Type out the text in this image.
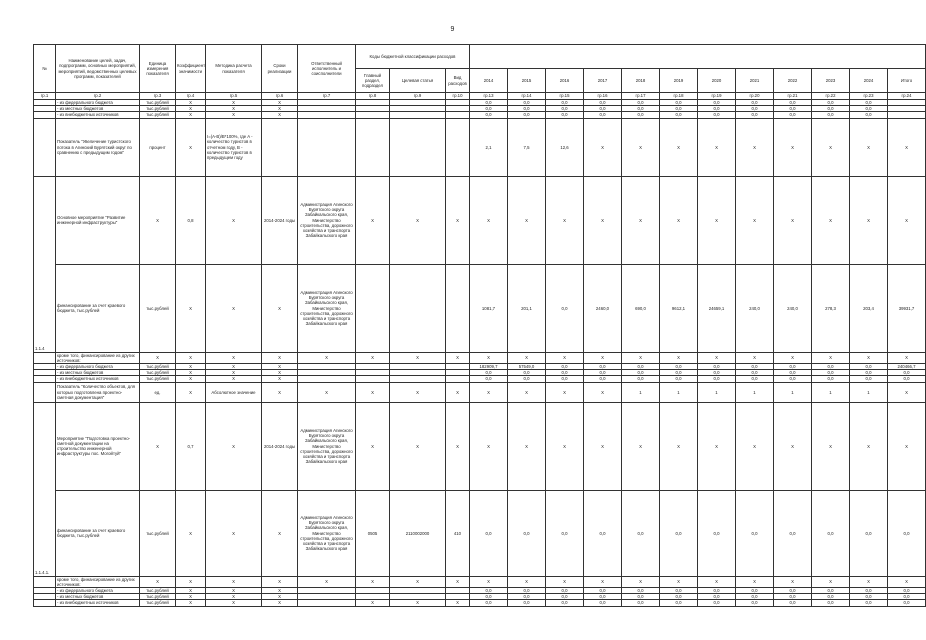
9
№	Наименование целей, задач, подпрограмм, основных мероприятий, мероприятий, ведомственных целевых программ, показателей	Единица измерения показателя	Коэффициент значимости	Методика расчета показателя	Сроки реализации	Ответственный исполнитель и соисполнители	Коды бюджетной классификации расходов														
							Главный раздел, подраздел	Целевая статья	Вид расходов	2014	2015	2016	2017	2018	2019	2020	2021	2022	2023	2024	Итого
гр.1	гр.2	гр.3	гр.4	гр.5	гр.6	гр.7	гр.8	гр.9	гр.10	гр.13	гр.14	гр.15	гр.16	гр.17	гр.18	гр.19	гр.20	гр.21	гр.22	гр.23	гр.24
	- из федерального бюджета	тыс.рублей	X	X	X					0,0	0,0	0,0	0,0	0,0	0,0	0,0	0,0	0,0	0,0	0,0	
	- из местных бюджетов	тыс.рублей	X	X	X					0,0	0,0	0,0	0,0	0,0	0,0	0,0	0,0	0,0	0,0	0,0	
	- из внебюджетных источников	тыс.рублей	X	X	X					0,0	0,0	0,0	0,0	0,0	0,0	0,0	0,0	0,0	0,0	0,0	
	Показатель "Увеличение туристского потока в Агинский Бурятский округ по сравнению с предыдущим годом"	процент	X	I=(A-B)/B*100%, где A - количество туристов в отчетном году, B - количество туристов в предыдущем году						2,1	7,5	12,6	X	X	X	X	X	X	X	X	X
1.1.4	Основное мероприятие "Развитие инженерной инфраструктуры"	X	0,8	X	2014-2024 годы	Администрация Агинского Бурятского округа Забайкальского края, Министерство строительства, дорожного хозяйства и транспорта Забайкальского края	X	X	X	X	X	X	X	X	X	X	X	X	X	X	X
	финансирование за счет краевого бюджета, тыс.рублей	тыс.рублей	X	X	X	Администрация Агинского Бурятского округа Забайкальского края, Министерство строительства, дорожного хозяйства и транспорта Забайкальского края				1081,7	201,1	0,0	2460,0	690,0	9612,1	24659,1	240,0	240,0	278,3	203,4	39931,7
	кроме того, финансирование из других источников:	X	X	X	X	X	X	X	X	X	X	X	X	X	X	X	X	X	X	X	X
	- из федерального бюджета	тыс.рублей	X	X	X					182909,7	57549,0	0,0	0,0	0,0	0,0	0,0	0,0	0,0	0,0	0,0	240466,7
	- из местных бюджетов	тыс.рублей	X	X	X					0,0	0,0	0,0	0,0	0,0	0,0	0,0	0,0	0,0	0,0	0,0	0,0
	- из внебюджетных источников	тыс.рублей	X	X	X					0,0	0,0	0,0	0,0	0,0	0,0	0,0	0,0	0,0	0,0	0,0	0,0
	Показатель "Количество объектов, для которых подготовлена проектно-сметная документация"	ед.	X	Абсолютное значение	X	X	X	X	X	X	X	X	X	1	1	1	1	1	1	1	X
1.1.4.1.	Мероприятие "Подготовка проектно-сметной документации на строительство инженерной инфраструктуры пос. Могойтуй"	X	0,7	X	2014-2024 годы	Администрация Агинского Бурятского округа Забайкальского края, Министерство строительства, дорожного хозяйства и транспорта Забайкальского края	X	X	X	X	X	X	X	X	X	X	X	X	X	X	X
	финансирование за счет краевого бюджета, тыс.рублей	тыс.рублей	X	X	X	Администрация Агинского Бурятского округа Забайкальского края, Министерство строительства, дорожного хозяйства и транспорта Забайкальского края	0505	2110002000	410	0,0	0,0	0,0	0,0	0,0	0,0	0,0	0,0	0,0	0,0	0,0	0,0
	кроме того, финансирование из других источников:	X	X	X	X	X	X	X	X	X	X	X	X	X	X	X	X	X	X	X	X
	- из федерального бюджета	тыс.рублей	X	X	X					0,0	0,0	0,0	0,0	0,0	0,0	0,0	0,0	0,0	0,0	0,0	0,0
	- из местных бюджетов	тыс.рублей	X	X	X					0,0	0,0	0,0	0,0	0,0	0,0	0,0	0,0	0,0	0,0	0,0	0,0
	- из внебюджетных источников	тыс.рублей	X	X	X		X	X	X	0,0	0,0	0,0	0,0	0,0	0,0	0,0	0,0	0,0	0,0	0,0	0,0
